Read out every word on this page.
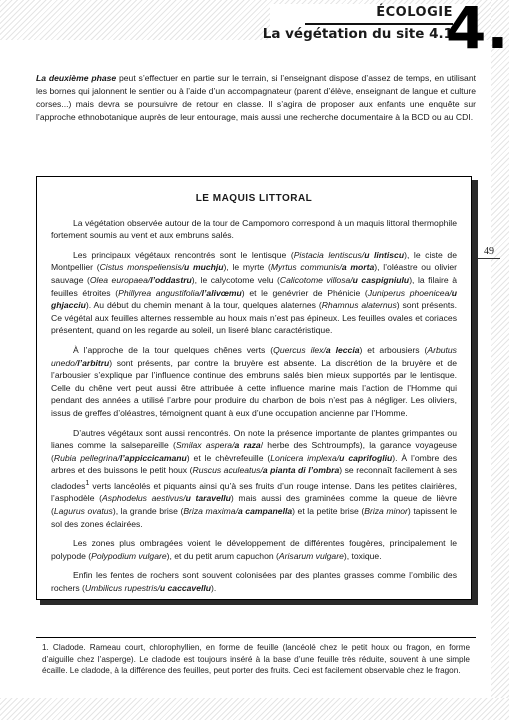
ÉCOLOGIE
La végétation du site 4.1
4.
La deuxième phase peut s’effectuer en partie sur le terrain, si l’enseignant dispose d’assez de temps, en utilisant les bornes qui jalonnent le sentier ou à l’aide d’un accompagnateur (parent d’élève, enseignant de langue et culture corses...) mais devra se poursuivre de retour en classe. Il s’agira de proposer aux enfants une enquête sur l’approche ethnobotanique auprès de leur entourage, mais aussi une recherche documentaire à la BCD ou au CDI.
49
LE MAQUIS LITTORAL

La végétation observée autour de la tour de Campomoro correspond à un maquis littoral thermophile fortement soumis au vent et aux embruns salés.

Les principaux végétaux rencontrés sont le lentisque (Pistacia lentiscus/u lintiscu), le ciste de Montpellier (Cistus monspeliensis/u muchju), le myrte (Myrtus communis/a morta), l’oléastre ou olivier sauvage (Olea europaea/l’oddastru), le calycotome velu (Calicotome villosa/u caspigniulu), la filaire à feuilles étroites (Phillyrea angustifolia/l’alivœmu) et le genévrier de Phénicie (Juniperus phoenicea/u ghjacciu). Au début du chemin menant à la tour, quelques alaternes (Rhamnus alaternus) sont présents. Ce végétal aux feuilles alternes ressemble au houx mais n’est pas épineux. Les feuilles ovales et coriaces présentent, quand on les regarde au soleil, un liseré blanc caractéristique.

À l’approche de la tour quelques chênes verts (Quercus ilex/a leccia) et arbousiers (Arbutus unedo/l’arbitru) sont présents, par contre la bruyère est absente. La discrétion de la bruyère et de l’arbousier s’explique par l’influence continue des embruns salés bien mieux supportés par le lentisque. Celle du chêne vert peut aussi être attribuée à cette influence marine mais l’action de l’Homme qui pendant des années a utilisé l’arbre pour produire du charbon de bois n’est pas à négliger. Les oliviers, issus de greffes d’oléastres, témoignent quant à eux d’une occupation ancienne par l’Homme.

D’autres végétaux sont aussi rencontrés. On note la présence importante de plantes grimpantes ou lianes comme la salsepareille (Smilax aspera/a raza/ herbe des Schtroumpfs), la garance voyageuse (Rubia pellegrina/l’appiccicamanu) et le chèvrefeuille (Lonicera implexa/u caprifogliu). À l’ombre des arbres et des buissons le petit houx (Ruscus aculeatus/a pianta di l’ombra) se reconnaît facilement à ses cladodes$^1$ verts lancéolés et piquants ainsi qu’à ses fruits d’un rouge intense. Dans les petites clairières, l’asphodèle (Asphodelus aestivus/u taravellu) mais aussi des graminées comme la queue de lièvre (Lagurus ovatus), la grande brise (Briza maxima/a campanella) et la petite brise (Briza minor) tapissent le sol des zones éclairées.

Les zones plus ombragées voient le développement de différentes fougères, principalement le polypode (Polypodium vulgare), et du petit arum capuchon (Arisarum vulgare), toxique.

Enfin les fentes de rochers sont souvent colonisées par des plantes grasses comme l’ombilic des rochers (Umbilicus rupestris/u caccavellu).

1. Cladode. Rameau court, chlorophyllien, en forme de feuille (lancéolé chez le petit houx ou fragon, en forme d’aiguille chez l’asperge). Le cladode est toujours inséré à la base d’une feuille très réduite, souvent à une simple écaille. Le cladode, à la différence des feuilles, peut porter des fruits. Ceci est facilement observable chez le fragon.
